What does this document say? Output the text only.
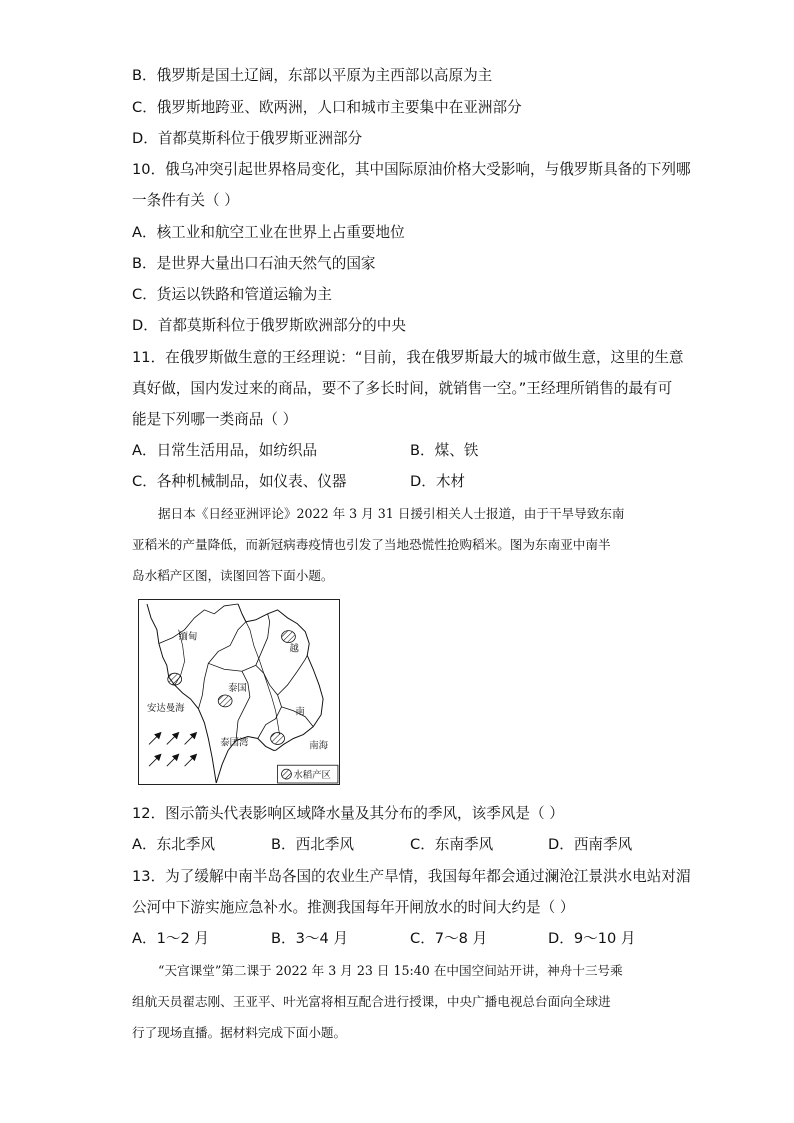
B．俄罗斯是国土辽阔，东部以平原为主西部以高原为主
C．俄罗斯地跨亚、欧两洲，人口和城市主要集中在亚洲部分
D．首都莫斯科位于俄罗斯亚洲部分
10．俄乌冲突引起世界格局变化，其中国际原油价格大受影响，与俄罗斯具备的下列哪
一条件有关（ ）
A．核工业和航空工业在世界上占重要地位
B．是世界大量出口石油天然气的国家
C．货运以铁路和管道运输为主
D．首都莫斯科位于俄罗斯欧洲部分的中央
11．在俄罗斯做生意的王经理说：“目前，我在俄罗斯最大的城市做生意，这里的生意
真好做，国内发过来的商品，要不了多长时间，就销售一空。”王经理所销售的最有可
能是下列哪一类商品（ ）
A．日常生活用品，如纺织品	B．煤、铁
C．各种机械制品，如仪表、仪器	D．木材
据日本《日经亚洲评论》2022 年 3 月 31 日援引相关人士报道，由于干旱导致东南
亚稻米的产量降低，而新冠病毒疫情也引发了当地恐慌性抢购稻米。图为东南亚中南半
岛水稻产区图，读图回答下面小题。
缅甸
越
泰国
安达曼海	南
泰国湾	南海
水稻产区
12．图示箭头代表影响区域降水量及其分布的季风，该季风是（ ）
A．东北季风	B．西北季风	C．东南季风	D．西南季风
13．为了缓解中南半岛各国的农业生产旱情，我国每年都会通过澜沧江景洪水电站对湄
公河中下游实施应急补水。推测我国每年开闸放水的时间大约是（ ）
A．1～2 月	B．3～4 月	C．7～8 月	D．9～10 月
“天宫课堂”第二课于 2022 年 3 月 23 日 15:40 在中国空间站开讲，神舟十三号乘
组航天员翟志刚、王亚平、叶光富将相互配合进行授课，中央广播电视总台面向全球进
行了现场直播。据材料完成下面小题。
